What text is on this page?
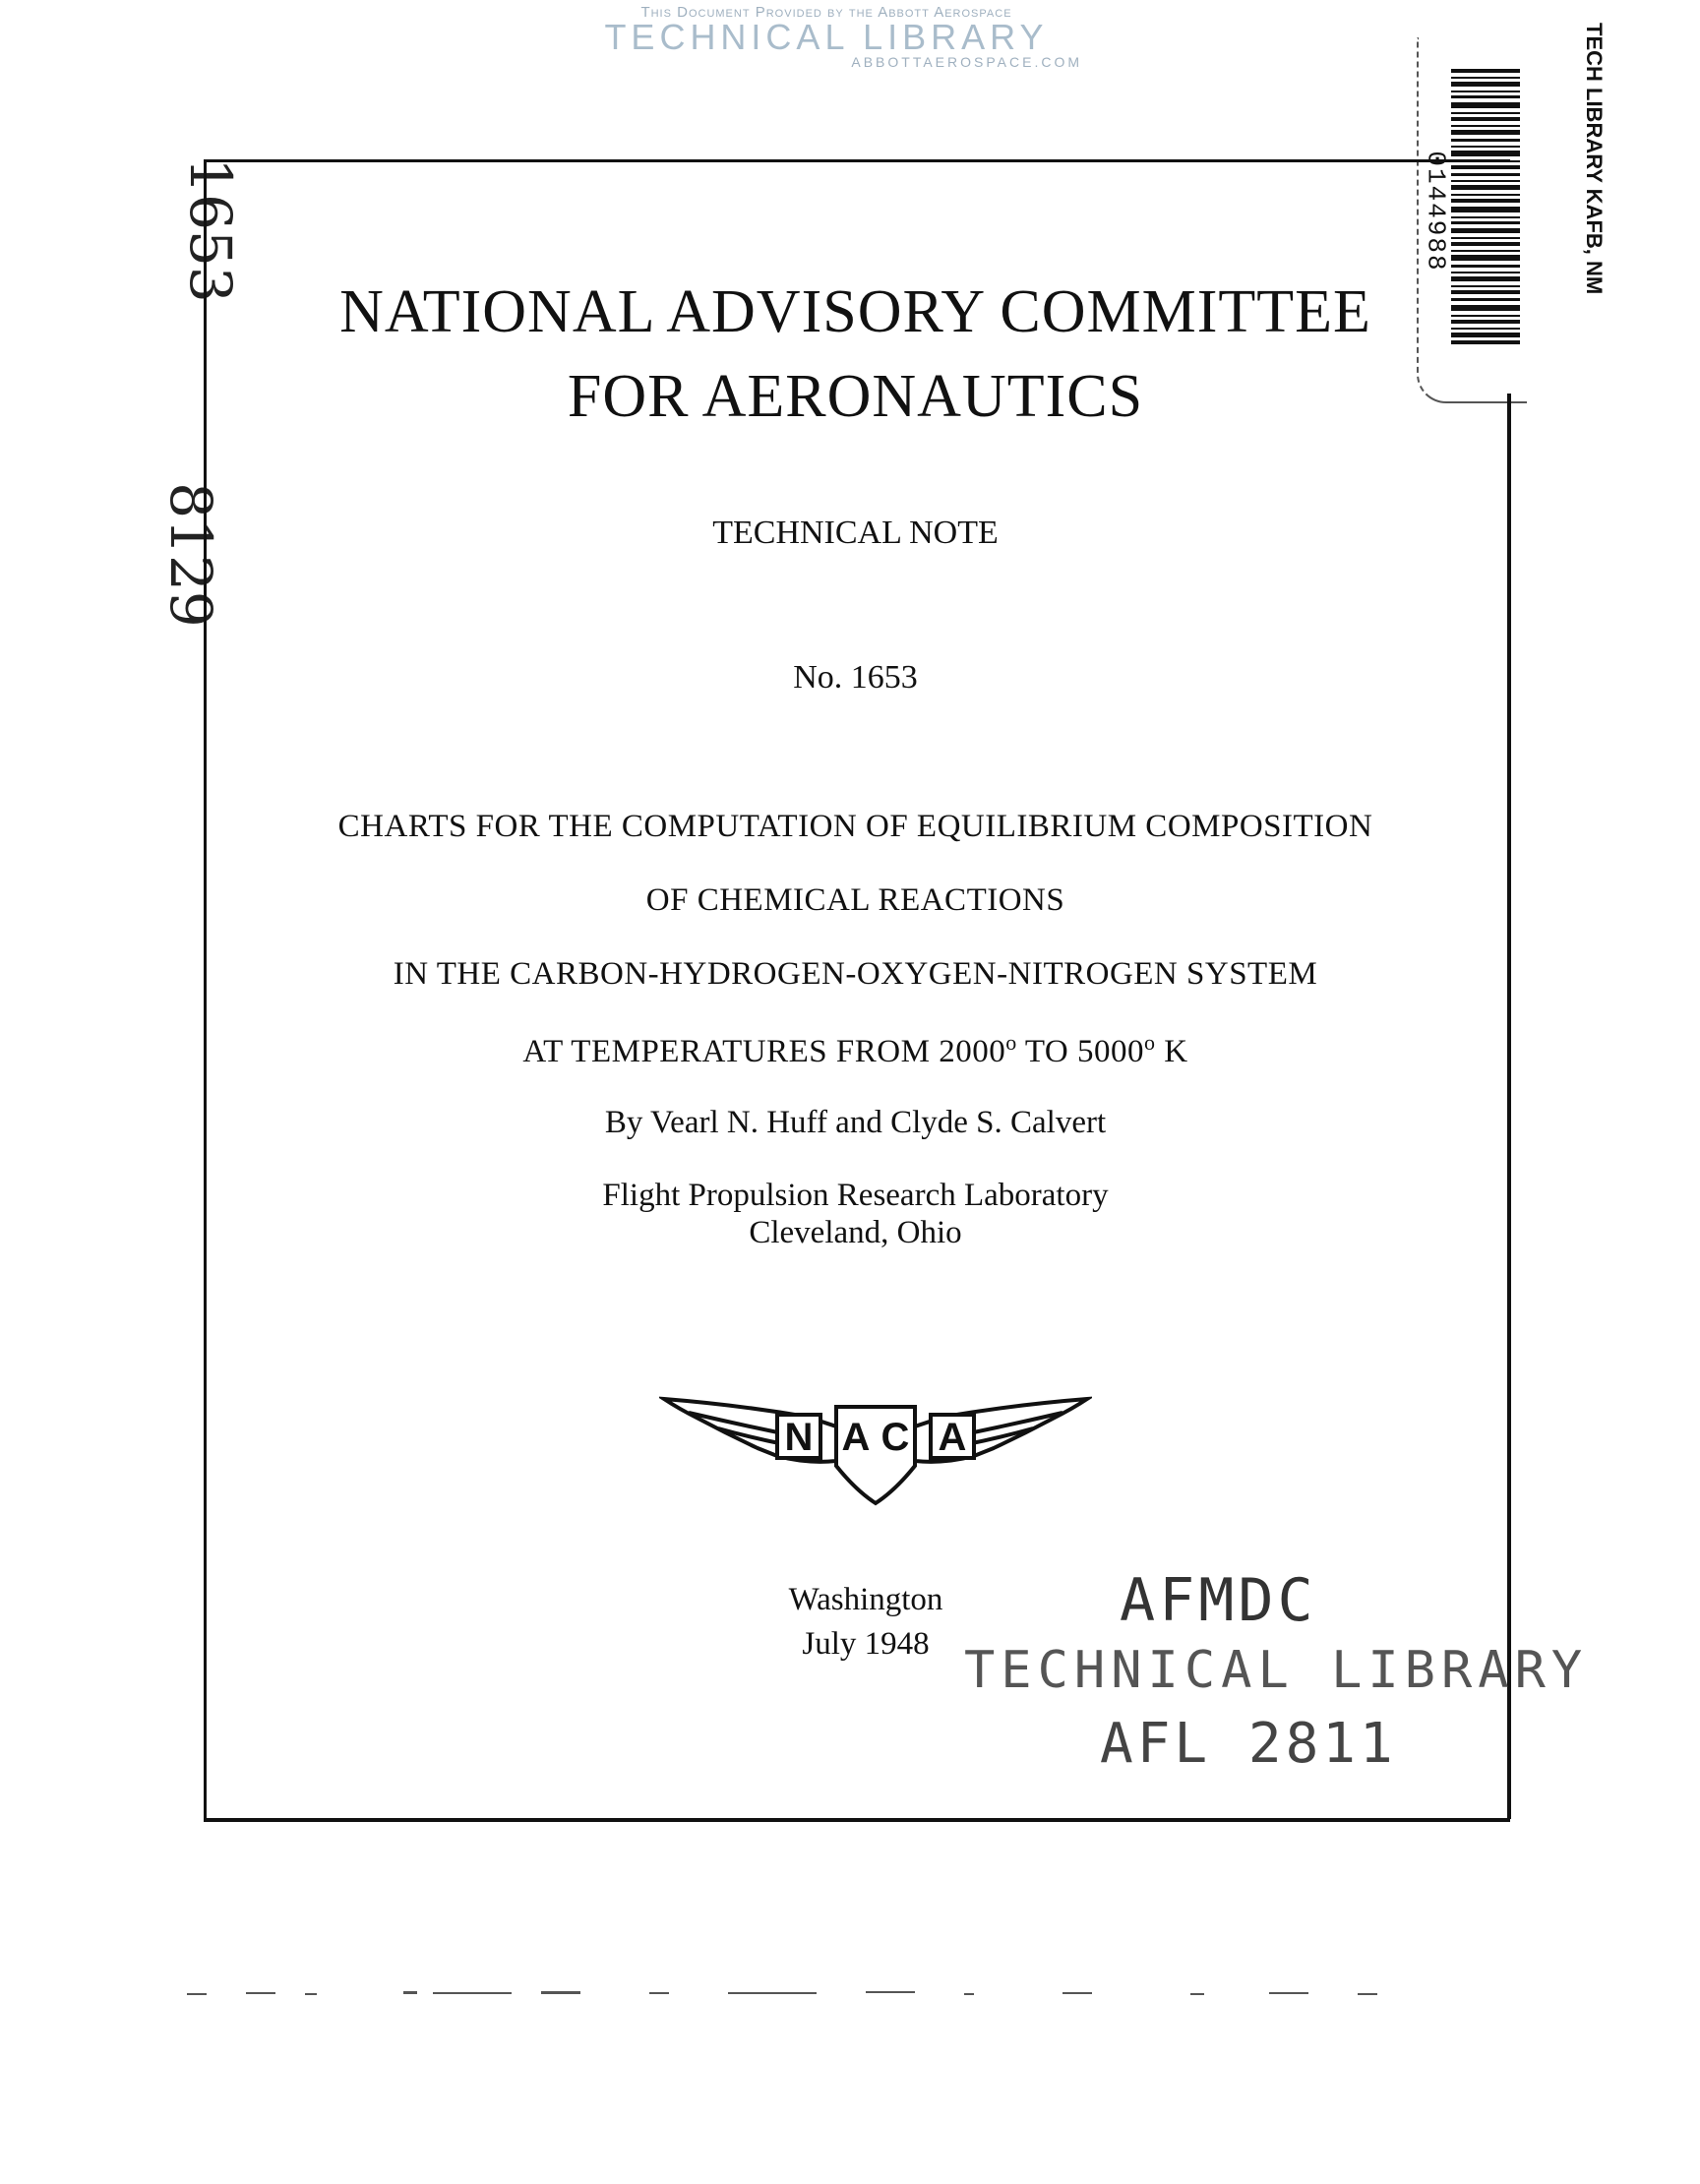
This Document Provided by the Abbott Aerospace
TECHNICAL LIBRARY
ABBOTTAEROSPACE.COM
0144988	TECH LIBRARY KAFB, NM
1653
8129
NATIONAL ADVISORY COMMITTEE
FOR AERONAUTICS
TECHNICAL NOTE
No. 1653
CHARTS FOR THE COMPUTATION OF EQUILIBRIUM COMPOSITION
OF CHEMICAL REACTIONS
IN THE CARBON-HYDROGEN-OXYGEN-NITROGEN SYSTEM
AT TEMPERATURES FROM 2000$^o$ TO 5000$^o$ K
By Vearl N. Huff and Clyde S. Calvert
Flight Propulsion Research Laboratory
Cleveland, Ohio
N A C A
Washington
July 1948
AFMDC
TECHNICAL LIBRARY
AFL 2811
